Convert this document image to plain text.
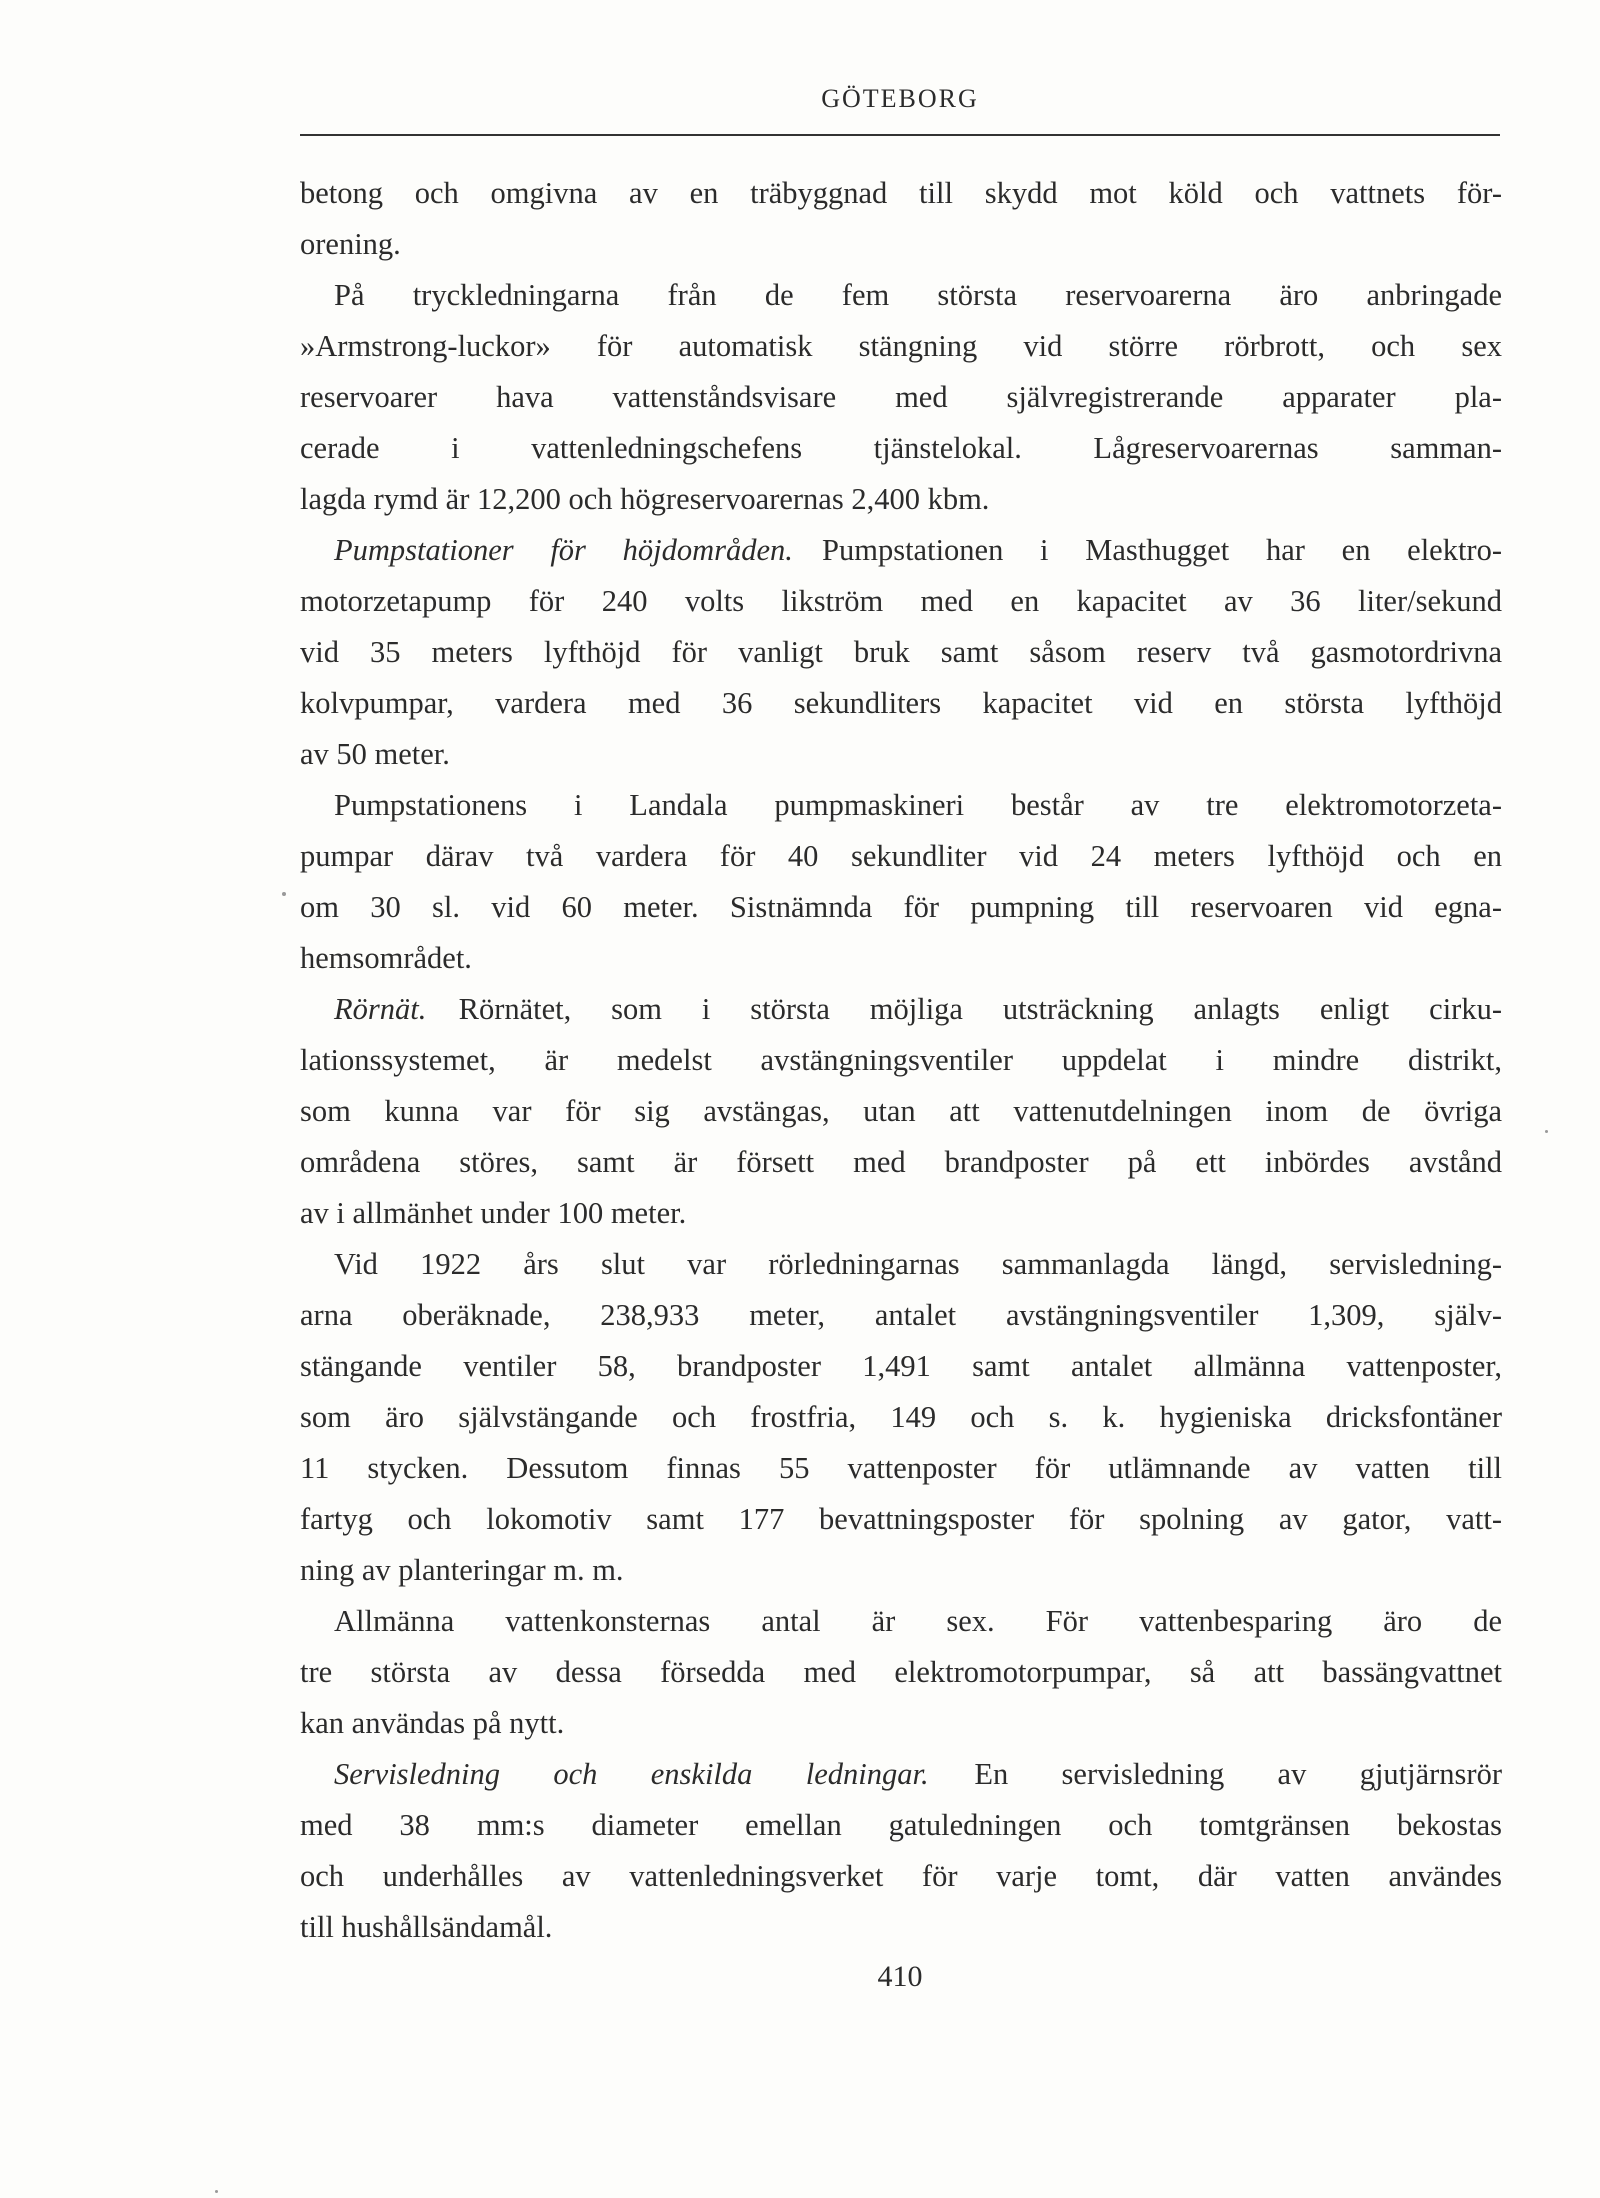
GÖTEBORG
betong och omgivna av en träbyggnad till skydd mot köld och vattnets för-
orening.
På tryckledningarna från de fem största reservoarerna äro anbringade
»Armstrong-luckor» för automatisk stängning vid större rörbrott, och sex
reservoarer hava vattenståndsvisare med självregistrerande apparater pla-
cerade i vattenledningschefens tjänstelokal. Lågreservoarernas samman-
lagda rymd är 12,200 och högreservoarernas 2,400 kbm.
Pumpstationer för höjdområden. Pumpstationen i Masthugget har en elektro-
motorzetapump för 240 volts likström med en kapacitet av 36 liter/sekund
vid 35 meters lyfthöjd för vanligt bruk samt såsom reserv två gasmotordrivna
kolvpumpar, vardera med 36 sekundliters kapacitet vid en största lyfthöjd
av 50 meter.
Pumpstationens i Landala pumpmaskineri består av tre elektromotorzeta-
pumpar därav två vardera för 40 sekundliter vid 24 meters lyfthöjd och en
om 30 sl. vid 60 meter. Sistnämnda för pumpning till reservoaren vid egna-
hemsområdet.
Rörnät. Rörnätet, som i största möjliga utsträckning anlagts enligt cirku-
lationssystemet, är medelst avstängningsventiler uppdelat i mindre distrikt,
som kunna var för sig avstängas, utan att vattenutdelningen inom de övriga
områdena störes, samt är försett med brandposter på ett inbördes avstånd
av i allmänhet under 100 meter.
Vid 1922 års slut var rörledningarnas sammanlagda längd, servisledning-
arna oberäknade, 238,933 meter, antalet avstängningsventiler 1,309, själv-
stängande ventiler 58, brandposter 1,491 samt antalet allmänna vattenposter,
som äro självstängande och frostfria, 149 och s. k. hygieniska dricksfontäner
11 stycken. Dessutom finnas 55 vattenposter för utlämnande av vatten till
fartyg och lokomotiv samt 177 bevattningsposter för spolning av gator, vatt-
ning av planteringar m. m.
Allmänna vattenkonsternas antal är sex. För vattenbesparing äro de
tre största av dessa försedda med elektromotorpumpar, så att bassängvattnet
kan användas på nytt.
Servisledning och enskilda ledningar. En servisledning av gjutjärnsrör
med 38 mm:s diameter emellan gatuledningen och tomtgränsen bekostas
och underhålles av vattenledningsverket för varje tomt, där vatten användes
till hushållsändamål.
410
